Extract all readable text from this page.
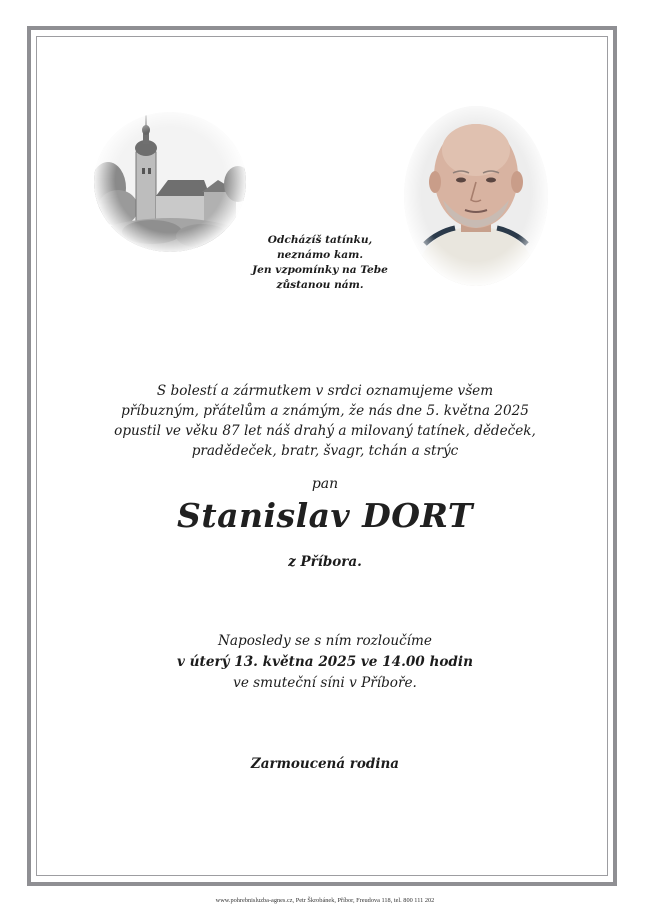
Odcházíš tatínku,
neznámo kam.
Jen vzpomínky na Tebe
zůstanou nám.
S bolestí a zármutkem v srdci oznamujeme všem
příbuzným, přátelům a známým, že nás dne 5. května 2025
opustil ve věku 87 let náš drahý a milovaný tatínek, dědeček,
pradědeček, bratr, švagr, tchán a strýc
pan
Stanislav DORT
z Příbora.
Naposledy se s ním rozloučíme
v úterý 13. května 2025 ve 14.00 hodin
ve smuteční síni v Příboře.
Zarmoucená rodina
www.pohrebnisluzba-agnes.cz, Petr Škrobánek, Příbor, Freudova 118, tel. 800 111 202
